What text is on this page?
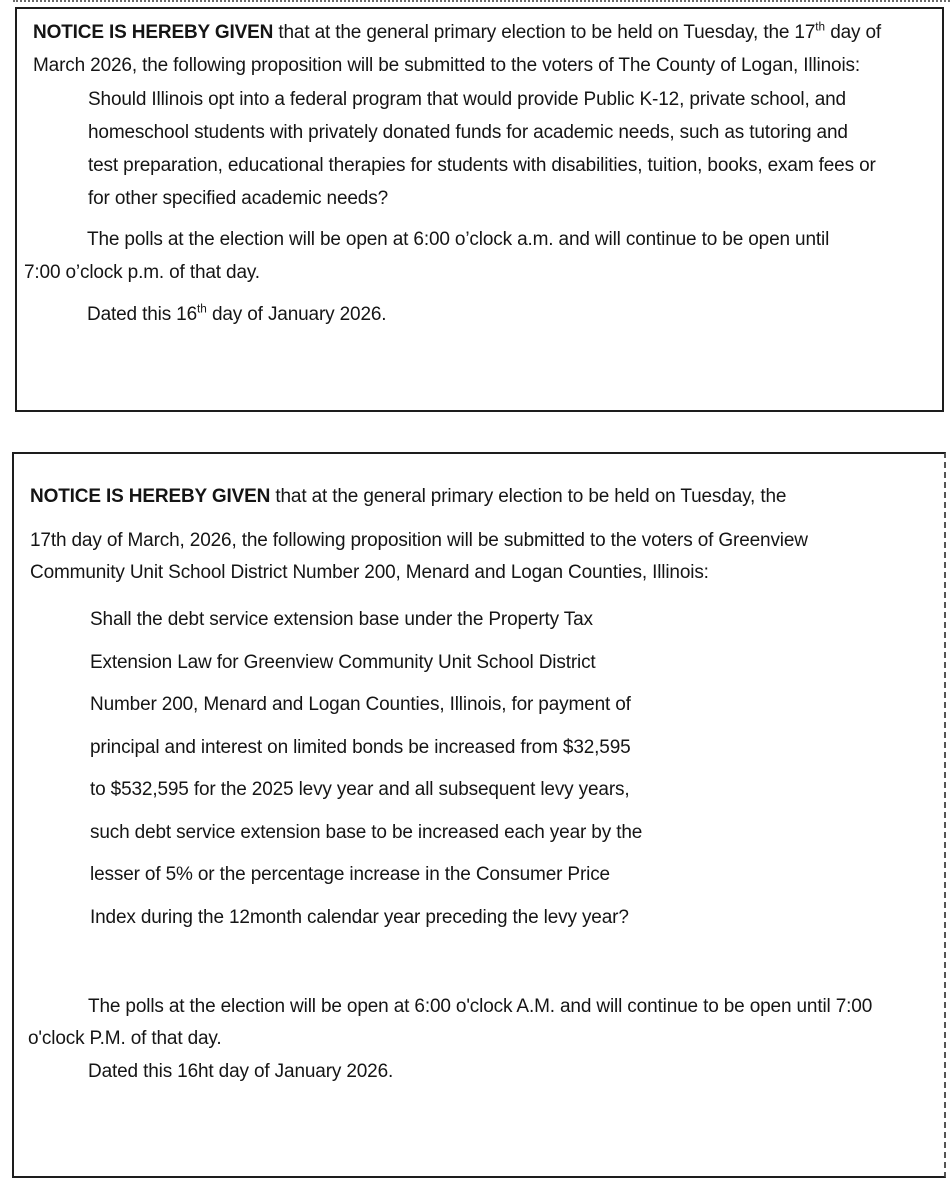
NOTICE IS HEREBY GIVEN that at the general primary election to be held on Tuesday, the 17th day of March 2026, the following proposition will be submitted to the voters of The County of Logan, Illinois:

Should Illinois opt into a federal program that would provide Public K-12, private school, and homeschool students with privately donated funds for academic needs, such as tutoring and test preparation, educational therapies for students with disabilities, tuition, books, exam fees or for other specified academic needs?

The polls at the election will be open at 6:00 o’clock a.m. and will continue to be open until 7:00 o’clock p.m. of that day.

Dated this 16th day of January 2026.

NOTICE IS HEREBY GIVEN that at the general primary election to be held on Tuesday, the

17th day of March, 2026, the following proposition will be submitted to the voters of Greenview Community Unit School District Number 200, Menard and Logan Counties, Illinois:

Shall the debt service extension base under the Property Tax
Extension Law for Greenview Community Unit School District
Number 200, Menard and Logan Counties, Illinois, for payment of
principal and interest on limited bonds be increased from $32,595
to $532,595 for the 2025 levy year and all subsequent levy years,
such debt service extension base to be increased each year by the
lesser of 5% or the percentage increase in the Consumer Price
Index during the 12month calendar year preceding the levy year?

The polls at the election will be open at 6:00 o'clock A.M. and will continue to be open until 7:00 o'clock P.M. of that day.

Dated this 16ht day of January 2026.
